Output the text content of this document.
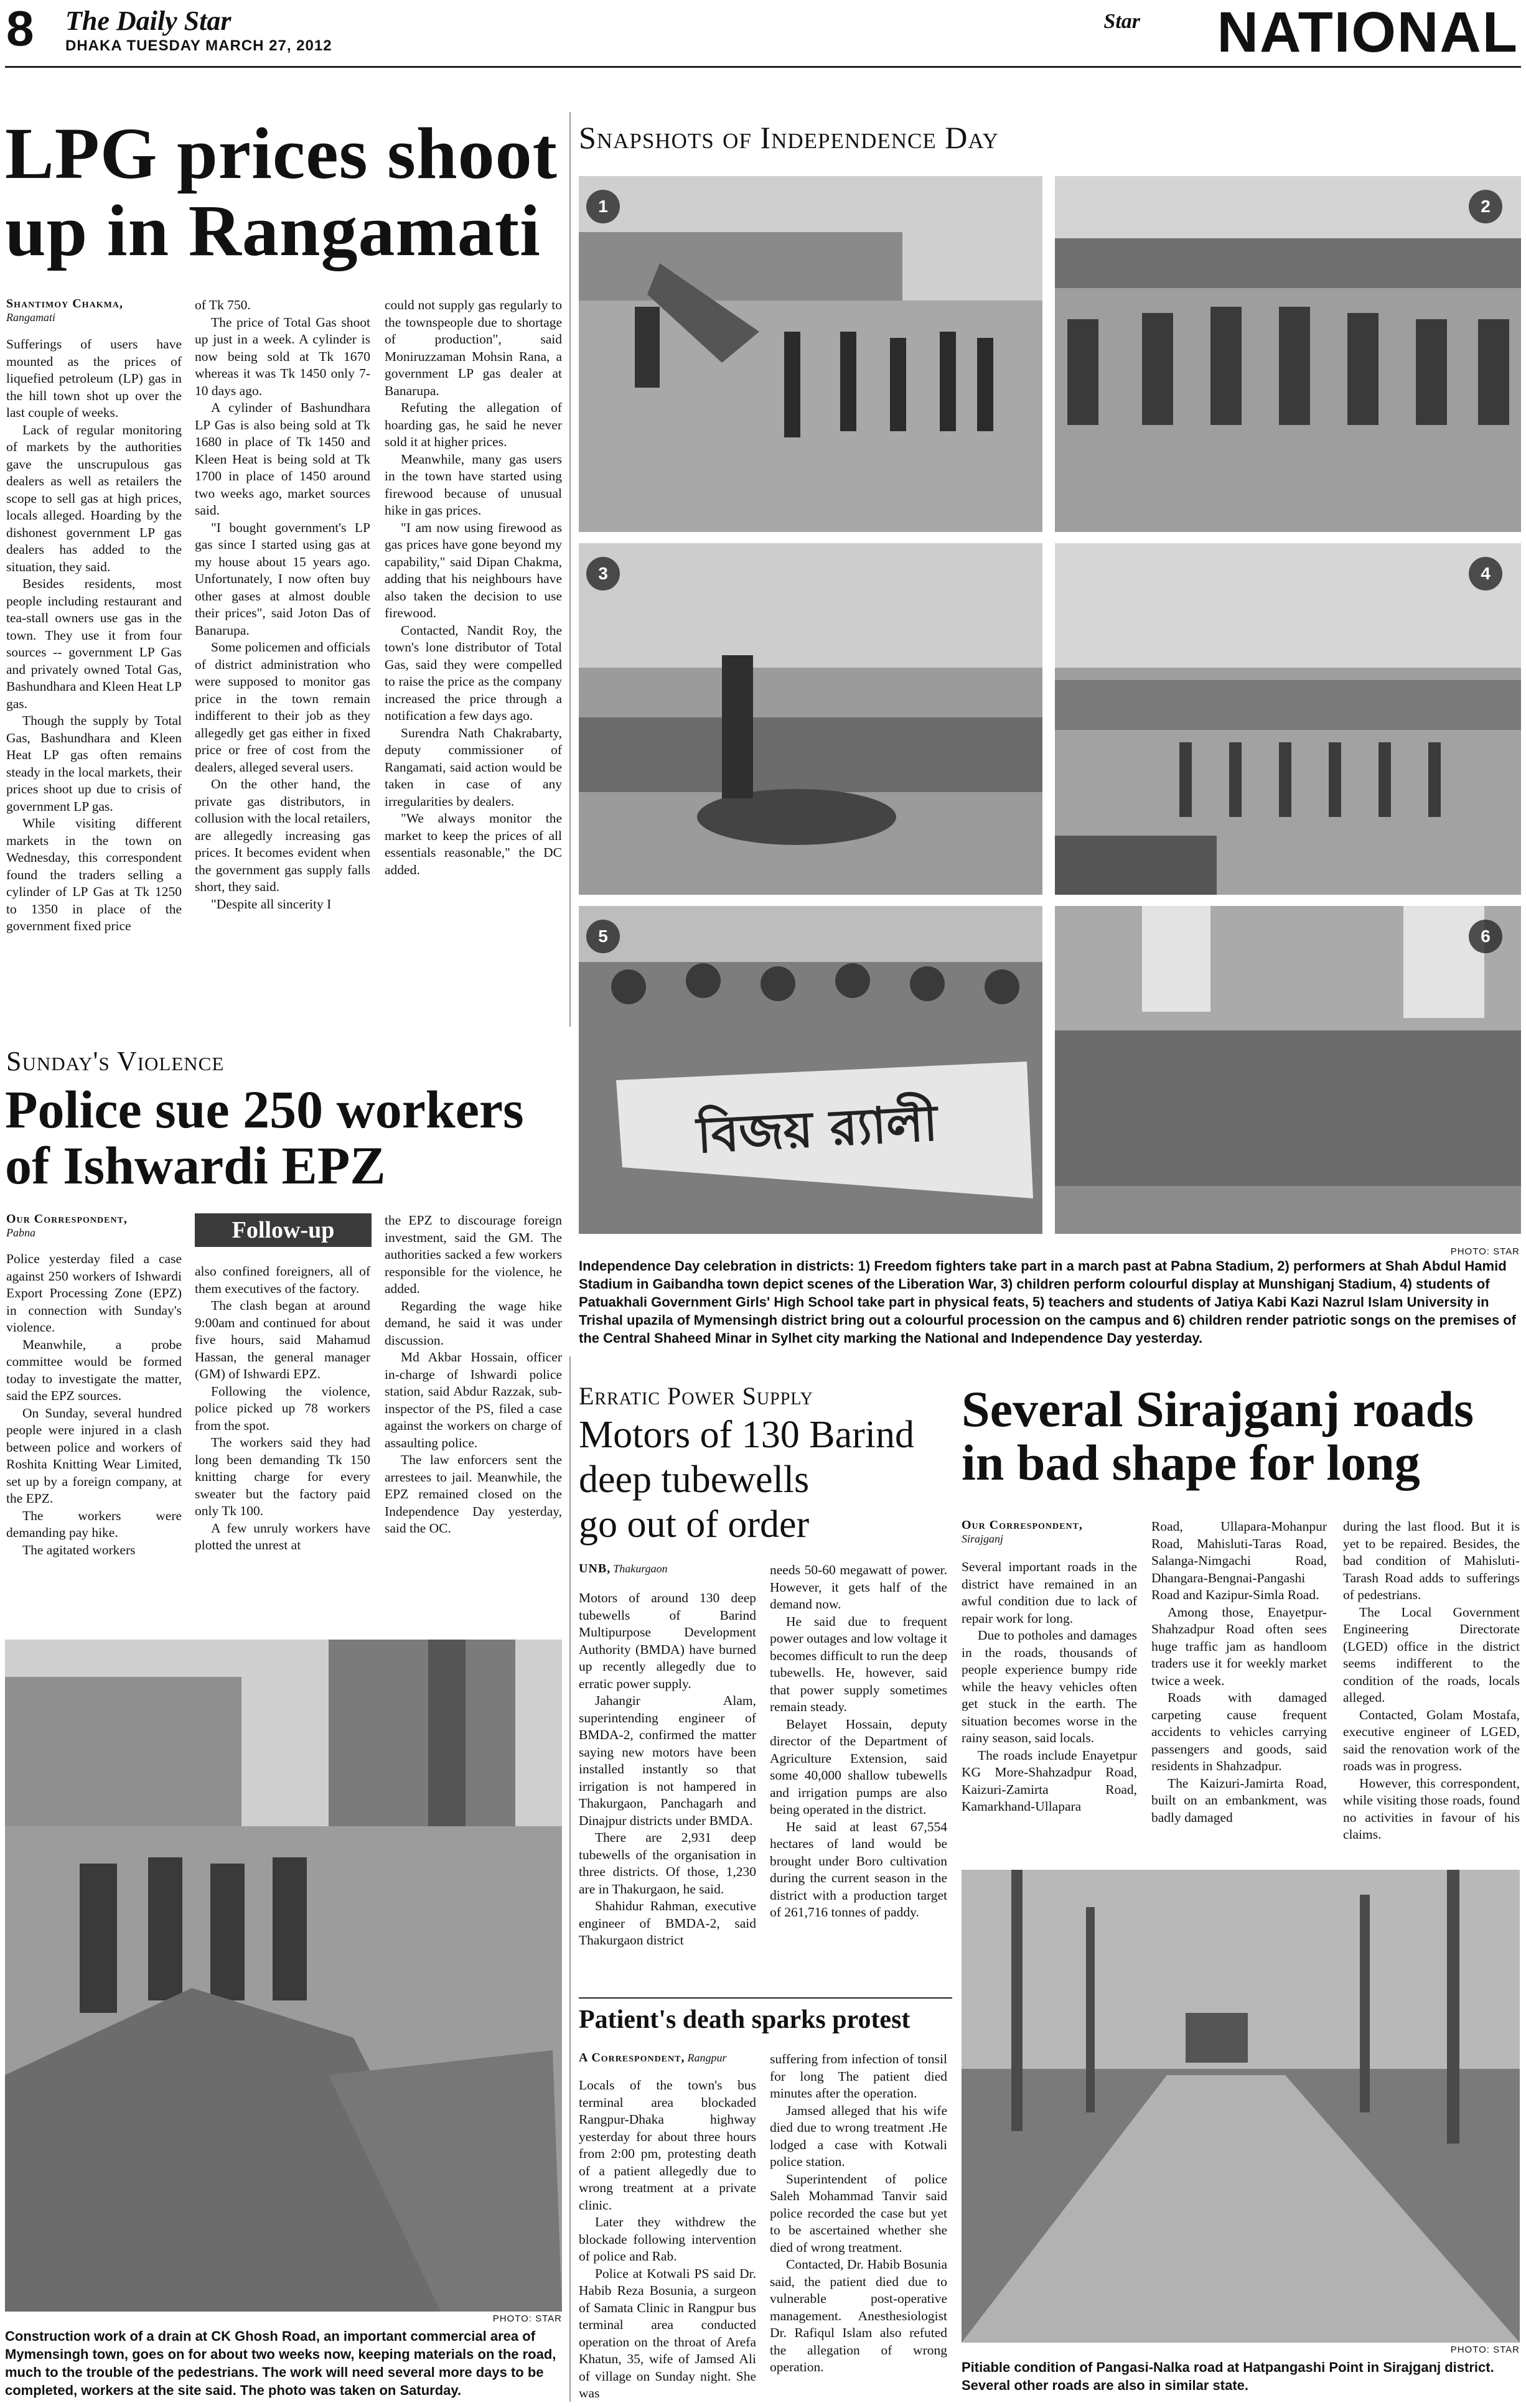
8 The Daily Star
DHAKA TUESDAY MARCH 27, 2012
Star NATIONAL
LPG prices shoot
up in Rangamati
Shantimoy Chakma,
Rangamati

Sufferings of users have mounted as the prices of liquefied petroleum (LP) gas in the hill town shot up over the last couple of weeks.

Lack of regular monitoring of markets by the authorities gave the unscrupulous gas dealers as well as retailers the scope to sell gas at high prices, locals alleged. Hoarding by the dishonest government LP gas dealers has added to the situation, they said.

Besides residents, most people including restaurant and tea-stall owners use gas in the town. They use it from four sources -- government LP Gas and privately owned Total Gas, Bashundhara and Kleen Heat LP gas.

Though the supply by Total Gas, Bashundhara and Kleen Heat LP gas often remains steady in the local markets, their prices shoot up due to crisis of government LP gas.

While visiting different markets in the town on Wednesday, this correspondent found the traders selling a cylinder of LP Gas at Tk 1250 to 1350 in place of the government fixed price

of Tk 750.

The price of Total Gas shoot up just in a week. A cylinder is now being sold at Tk 1670 whereas it was Tk 1450 only 7-10 days ago.

A cylinder of Bashundhara LP Gas is also being sold at Tk 1680 in place of Tk 1450 and Kleen Heat is being sold at Tk 1700 in place of 1450 around two weeks ago, market sources said.

"I bought government's LP gas since I started using gas at my house about 15 years ago. Unfortunately, I now often buy other gases at almost double their prices", said Joton Das of Banarupa.

Some policemen and officials of district administration who were supposed to monitor gas price in the town remain indifferent to their job as they allegedly get gas either in fixed price or free of cost from the dealers, alleged several users.

On the other hand, the private gas distributors, in collusion with the local retailers, are allegedly increasing gas prices. It becomes evident when the government gas supply falls short, they said.

"Despite all sincerity I

could not supply gas regularly to the townspeople due to shortage of production", said Moniruzzaman Mohsin Rana, a government LP gas dealer at Banarupa.

Refuting the allegation of hoarding gas, he said he never sold it at higher prices.

Meanwhile, many gas users in the town have started using firewood because of unusual hike in gas prices.

"I am now using firewood as gas prices have gone beyond my capability," said Dipan Chakma, adding that his neighbours have also taken the decision to use firewood.

Contacted, Nandit Roy, the town's lone distributor of Total Gas, said they were compelled to raise the price as the company increased the price through a notification a few days ago.

Surendra Nath Chakrabarty, deputy commissioner of Rangamati, said action would be taken in case of any irregularities by dealers.

"We always monitor the market to keep the prices of all essentials reasonable," the DC added.

Snapshots of Independence Day
1	2
3	4
বিজয় র‍্যালী
5	6
PHOTO: STAR
Independence Day celebration in districts: 1) Freedom fighters take part in a march past at Pabna Stadium, 2) performers at Shah Abdul Hamid Stadium in Gaibandha town depict scenes of the Liberation War, 3) children perform colourful display at Munshiganj Stadium, 4) students of Patuakhali Government Girls' High School take part in physical feats, 5) teachers and students of Jatiya Kabi Kazi Nazrul Islam University in Trishal upazila of Mymensingh district bring out a colourful procession on the campus and 6) children render patriotic songs on the premises of the Central Shaheed Minar in Sylhet city marking the National and Independence Day yesterday.
Sunday's Violence
Police sue 250 workers
of Ishwardi EPZ
Our Correspondent,
Pabna	Follow-up

Police yesterday filed a case against 250 workers of Ishwardi Export Processing Zone (EPZ) in connection with Sunday's violence.

Meanwhile, a probe committee would be formed today to investigate the matter, said the EPZ sources.

On Sunday, several hundred people were injured in a clash between police and workers of Roshita Knitting Wear Limited, set up by a foreign company, at the EPZ.

The workers were demanding pay hike.

The agitated workers

also confined foreigners, all of them executives of the factory.

The clash began at around 9:00am and continued for about five hours, said Mahamud Hassan, the general manager (GM) of Ishwardi EPZ.

Following the violence, police picked up 78 workers from the spot.

The workers said they had long been demanding Tk 150 knitting charge for every sweater but the factory paid only Tk 100.

A few unruly workers have plotted the unrest at

the EPZ to discourage foreign investment, said the GM. The authorities sacked a few workers responsible for the violence, he added.

Regarding the wage hike demand, he said it was under discussion.

Md Akbar Hossain, officer in-charge of Ishwardi police station, said Abdur Razzak, sub- inspector of the PS, filed a case against the workers on charge of assaulting police.

The law enforcers sent the arrestees to jail. Meanwhile, the EPZ remained closed on the Independence Day yesterday, said the OC.

PHOTO: STAR
Construction work of a drain at CK Ghosh Road, an important commercial area of Mymensingh town, goes on for about two weeks now, keeping materials on the road, much to the trouble of the pedestrians. The work will need several more days to be completed, workers at the site said. The photo was taken on Saturday.
Erratic Power Supply
Motors of 130 Barind
deep tubewells
go out of order
UNB, Thakurgaon

Motors of around 130 deep tubewells of Barind Multipurpose Development Authority (BMDA) have burned up recently allegedly due to erratic power supply.

Jahangir Alam, superintending engineer of BMDA-2, confirmed the matter saying new motors have been installed instantly so that irrigation is not hampered in Thakurgaon, Panchagarh and Dinajpur districts under BMDA.

There are 2,931 deep tubewells of the organisation in three districts. Of those, 1,230 are in Thakurgaon, he said.

Shahidur Rahman, executive engineer of BMDA-2, said Thakurgaon district

needs 50-60 megawatt of power. However, it gets half of the demand now.

He said due to frequent power outages and low voltage it becomes difficult to run the deep tubewells. He, however, said that power supply sometimes remain steady.

Belayet Hossain, deputy director of the Department of Agriculture Extension, said some 40,000 shallow tubewells and irrigation pumps are also being operated in the district.

He said at least 67,554 hectares of land would be brought under Boro cultivation during the current season in the district with a production target of 261,716 tonnes of paddy.

Several Sirajganj roads
in bad shape for long
Our Correspondent,
Sirajganj

Several important roads in the district have remained in an awful condition due to lack of repair work for long.

Due to potholes and damages in the roads, thousands of people experience bumpy ride while the heavy vehicles often get stuck in the earth. The situation becomes worse in the rainy season, said locals.

The roads include Enayetpur KG More-Shahzadpur Road, Kaizuri-Zamirta Road, Kamarkhand-Ullapara

Road, Ullapara-Mohanpur Road, Mahisluti-Taras Road, Salanga-Nimgachi Road, Dhangara-Bengnai-Pangashi Road and Kazipur-Simla Road.

Among those, Enayetpur-Shahzadpur Road often sees huge traffic jam as handloom traders use it for weekly market twice a week.

Roads with damaged carpeting cause frequent accidents to vehicles carrying passengers and goods, said residents in Shahzadpur.

The Kaizuri-Jamirta Road, built on an embankment, was badly damaged

during the last flood. But it is yet to be repaired. Besides, the bad condition of Mahisluti-Tarash Road adds to sufferings of pedestrians.

The Local Government Engineering Directorate (LGED) office in the district seems indifferent to the condition of the roads, locals alleged.

Contacted, Golam Mostafa, executive engineer of LGED, said the renovation work of the roads was in progress.

However, this correspondent, while visiting those roads, found no activities in favour of his claims.

PHOTO: STAR
Pitiable condition of Pangasi-Nalka road at Hatpangashi Point in Sirajganj district. Several other roads are also in similar state.
Patient's death sparks protest
A Correspondent, Rangpur

Locals of the town's bus terminal area blockaded Rangpur-Dhaka highway yesterday for about three hours from 2:00 pm, protesting death of a patient allegedly due to wrong treatment at a private clinic.

Later they withdrew the blockade following intervention of police and Rab.

Police at Kotwali PS said Dr. Habib Reza Bosunia, a surgeon of Samata Clinic in Rangpur bus terminal area conducted operation on the throat of Arefa Khatun, 35, wife of Jamsed Ali of village on Sunday night. She was

suffering from infection of tonsil for long The patient died minutes after the operation.

Jamsed alleged that his wife died due to wrong treatment .He lodged a case with Kotwali police station.

Superintendent of police Saleh Mohammad Tanvir said police recorded the case but yet to be ascertained whether she died of wrong treatment.

Contacted, Dr. Habib Bosunia said, the patient died due to vulnerable post-operative management. Anesthesiologist Dr. Rafiqul Islam also refuted the allegation of wrong operation.
